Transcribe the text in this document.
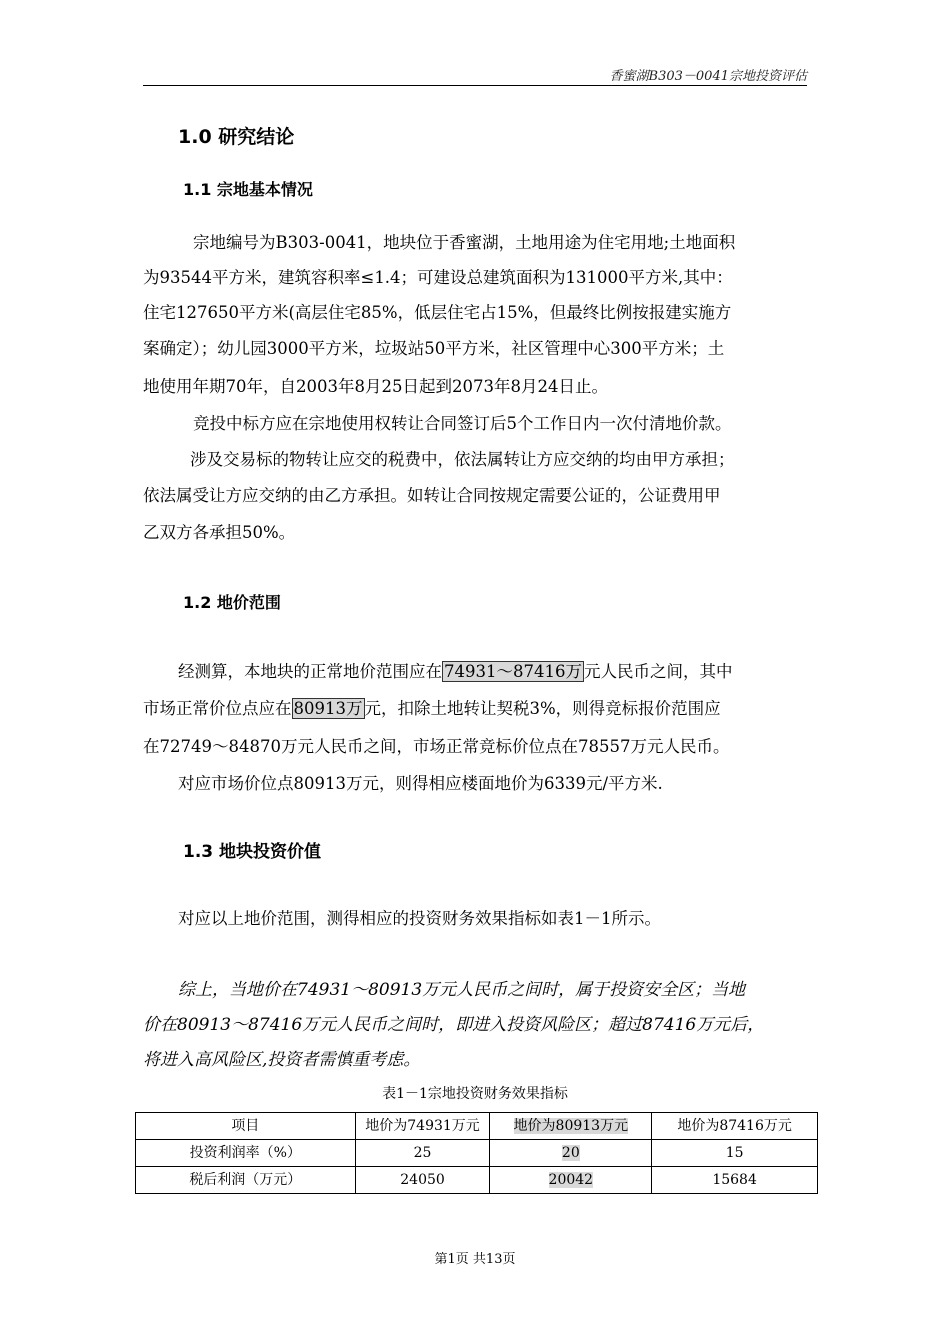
香蜜湖B303－0041宗地投资评估
1.0 研究结论
1.1 宗地基本情况
宗地编号为B303-0041，地块位于香蜜湖，土地用途为住宅用地;土地面积
为93544平方米，建筑容积率≤1.4；可建设总建筑面积为131000平方米,其中：
住宅127650平方米(高层住宅85%，低层住宅占15%，但最终比例按报建实施方
案确定）；幼儿园3000平方米，垃圾站50平方米，社区管理中心300平方米；土
地使用年期70年，自2003年8月25日起到2073年8月24日止。
竞投中标方应在宗地使用权转让合同签订后5个工作日内一次付清地价款。
涉及交易标的物转让应交的税费中，依法属转让方应交纳的均由甲方承担；
依法属受让方应交纳的由乙方承担。如转让合同按规定需要公证的，公证费用甲
乙双方各承担50%。
1.2 地价范围
经测算，本地块的正常地价范围应在 74931～87416万 元人民币之间，其中
市场正常价位点应在 80913万 元，扣除土地转让契税3%，则得竞标报价范围应
在72749～84870万元人民币之间，市场正常竞标价位点在78557万元人民币。
对应市场价位点80913万元，则得相应楼面地价为6339元/平方米.
1.3 地块投资价值
对应以上地价范围，测得相应的投资财务效果指标如表1－1所示。
综上，当地价在74931～80913万元人民币之间时，属于投资安全区；当地
价在80913～87416万元人民币之间时，即进入投资风险区；超过87416万元后，
将进入高风险区,投资者需慎重考虑。
表1－1宗地投资财务效果指标
项目	地价为74931万元	地价为80913万元	地价为87416万元
投资利润率（%）	25	20	15
税后利润（万元）	24050	20042	15684
第1页 共13页
